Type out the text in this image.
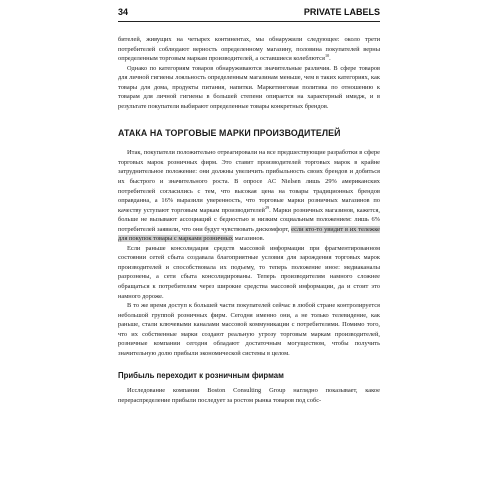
34	PRIVATE LABELS

бителей, живущих на четырех континентах, мы обнаружили следующее: около трети потребителей соблюдают верность определенному магазину, половина покупателей верны определенным торговым маркам производителей, а оставшиеся колеблются$^{10}$.

Однако по категориям товаров обнаруживаются значительные различия. В сфере товаров для личной гигиены лояльность определенным магазинам меньше, чем в таких категориях, как товары для дома, продукты питания, напитки. Маркетинговая политика по отношению к товарам для личной гигиены в большей степени опирается на характерный имидж, и в результате покупатели выбирают определенные товары конкретных брендов.

АТАКА НА ТОРГОВЫЕ МАРКИ ПРОИЗВОДИТЕЛЕЙ

Итак, покупатели положительно отреагировали на все предшествующие разработки в сфере торговых марок розничных фирм. Это ставит производителей торговых марок в крайне затруднительное положение: они должны увеличить прибыльность своих брендов и добиться их быстрого и значительного роста. В опросе AC Nielsen лишь 29% американских потребителей согласились с тем, что высокая цена на товары традиционных брендов оправданна, а 16% выразили уверенность, что торговые марки розничных магазинов по качеству уступают торговым маркам производителей$^{29}$. Марки розничных магазинов, кажется, больше не вызывают ассоциаций с бедностью и низким социальным положением: лишь 6% потребителей заявили, что они будут чувствовать дискомфорт, если кто-то увидит в их тележке для покупок товары с марками розничных магазинов.

Если раньше консолидация средств массовой информации при фрагментированном состоянии сетей сбыта создавала благоприятные условия для зарождения торговых марок производителей и способствовала их подъему, то теперь положение иное: медиаканалы разрознены, а сети сбыта консолидированы. Теперь производителям намного сложнее обращаться к потребителям через широкие средства массовой информации, да и стоит это намного дороже.

В то же время доступ к большей части покупателей сейчас в любой стране контролируется небольшой группой розничных фирм. Сегодня именно они, а не только телевидение, как раньше, стали ключевыми каналами массовой коммуникации с потребителями. Помимо того, что их собственные марки создают реальную угрозу торговым маркам производителей, розничные компании сегодня обладают достаточным могуществом, чтобы получить значительную долю прибыли экономической системы в целом.

Прибыль переходит к розничным фирмам

Исследование компании Boston Consulting Group наглядно показывает, какое перераспределение прибыли последует за ростом рынка товаров под собс-
